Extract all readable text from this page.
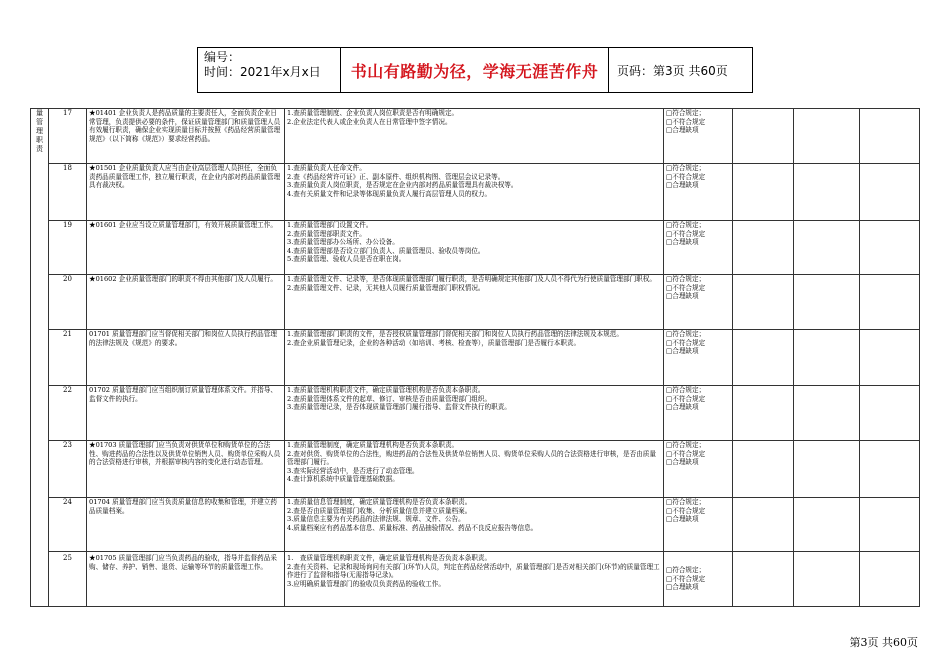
编号：
时间：2021年x月x日	书山有路勤为径，学海无涯苦作舟	页码：第3页 共60页
量管理职责	17	★01401 企业负责人是药品质量的主要责任人，全面负责企业日常管理，负责提供必要的条件，保证质量管理部门和质量管理人员有效履行职责，确保企业实现质量目标并按照《药品经营质量管理规范》（以下简称《规范》）要求经营药品。	1.查质量管理制度、企业负责人岗位职责是否有明确规定。
2.企业法定代表人或企业负责人在日常管理中签字情况。	□符合规定；
□不符合规定
□合理缺项			

	18	★01501 企业质量负责人应当由企业高层管理人员担任，全面负责药品质量管理工作，独立履行职责，在企业内部对药品质量管理具有裁决权。	1.查质量负责人任命文件。
2.查《药品经营许可证》正、副本原件、组织机构图、管理层会议记录等。
3.查质量负责人岗位职责，是否规定在企业内部对药品质量管理具有裁决权等。
4.查有关质量文件和记录等体现质量负责人履行高层管理人员的权力。	□符合规定；
□不符合规定
□合理缺项			

	19	★01601 企业应当设立质量管理部门，有效开展质量管理工作。	1.查质量管理部门设置文件。
2.查质量管理部职责文件。
3.查质量管理部办公场所、办公设备。
4.查质量管理部是否设立部门负责人、质量管理员、验收员等岗位。
5.查质量管理、验收人员是否在职在岗。	□符合规定；
□不符合规定
□合理缺项			

	20	★01602 企业质量管理部门的职责不得由其他部门及人员履行。	1.查质量管理文件、记录等，是否体现质量管理部门履行职责，是否明确规定其他部门及人员不得代为行使质量管理部门职权。
2.查质量管理文件、记录，无其他人员履行质量管理部门职权情况。	□符合规定；
□不符合规定
□合理缺项			

	21	01701 质量管理部门应当督促相关部门和岗位人员执行药品管理的法律法规及《规范》的要求。	1.查质量管理部门职责的文件，是否授权质量管理部门督促相关部门和岗位人员执行药品管理的法律法规及本规范。
2.查企业质量管理记录，企业的各种活动（如培训、考核、检查等），质量管理部门是否履行本职责。	□符合规定；
□不符合规定
□合理缺项			

	22	01702 质量管理部门应当组织制订质量管理体系文件。并指导、监督文件的执行。	1.查质量管理机构职责文件，确定质量管理机构是否负责本条职责。
2.查质量管理体系文件的起草、修订、审核是否由质量管理部门组织。
3.查质量管理记录，是否体现质量管理部门履行指导、监督文件执行的职责。	□符合规定；
□不符合规定
□合理缺项			

	23	★01703 质量管理部门应当负责对供货单位和购货单位的合法性、购进药品的合法性以及供货单位销售人员、购货单位采购人员的合法资格进行审核，并根据审核内容的变化进行动态管理。	1.查质量管理制度，确定质量管理机构是否负责本条职责。
2.查对供货、购货单位的合法性，购进药品的合法性及供货单位销售人员、购货单位采购人员的合法资格进行审核，是否由质量管理部门履行。
3.查实际经营活动中，是否进行了动态管理。
4.查计算机系统中质量管理基础数据。	□符合规定；
□不符合规定
□合理缺项			

	24	01704 质量管理部门应当负责质量信息的收集和管理，并建立药品质量档案。	1.查质量信息管理制度，确定质量管理机构是否负责本条职责。
2.查是否由质量管理部门收集、分析质量信息并建立质量档案。
3.质量信息主要为有关药品的法律法规、规章、文件、公告。
4.质量档案应有药品基本信息、质量标准、药品抽验情况、药品不良反应报告等信息。	□符合规定；
□不符合规定
□合理缺项			

	25	★01705 质量管理部门应当负责药品的验收，指导并监督药品采购、储存、养护、销售、退货、运输等环节的质量管理工作。	1.　查质量管理机构职责文件，确定质量管理机构是否负责本条职责。
2.查有关资料、记录和现场询问有关部门(环节)人员，判定在药品经营活动中，质量管理部门是否对相关部门(环节)的质量管理工作进行了监督和指导(无需指导记录)。
3.应明确质量管理部门的验收员负责药品的验收工作。	□符合规定；
□不符合规定
□合理缺项			

第3页 共60页
